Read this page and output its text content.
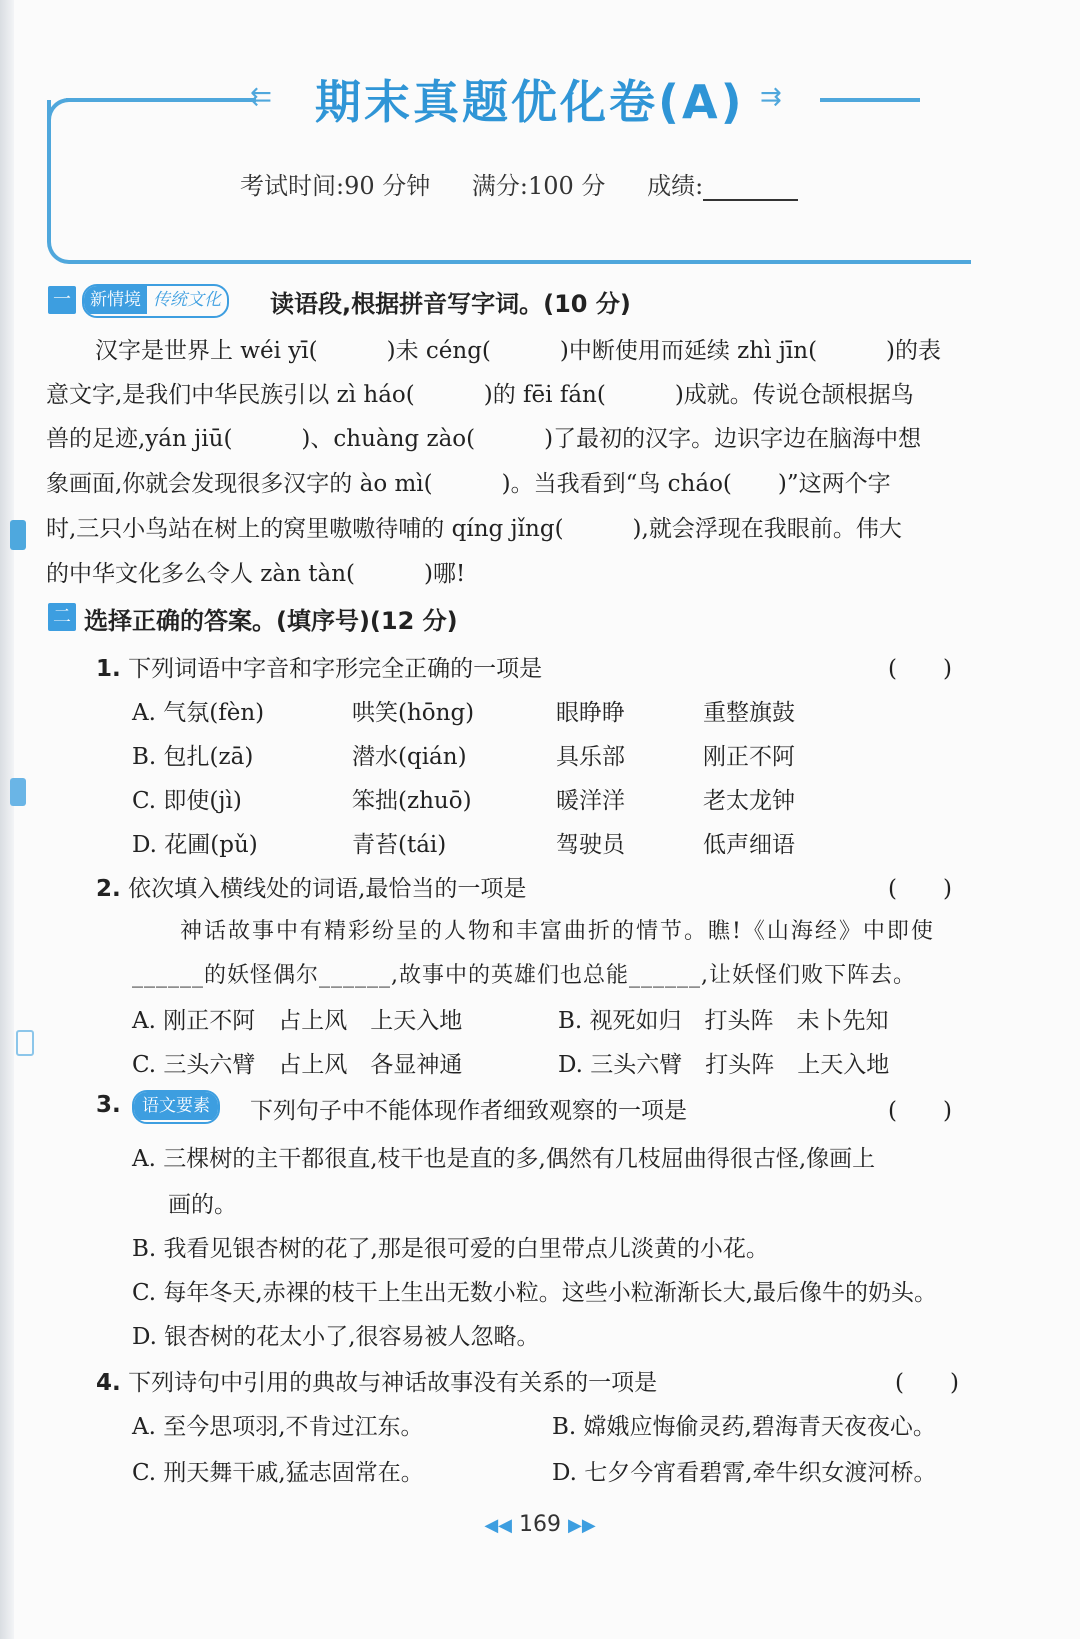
⇇	⇉
期末真题优化卷(A)
考试时间:90 分钟 满分:100 分 成绩:
一	新情境 传统文化	读语段,根据拼音写字词。(10 分)
汉字是世界上 wéi yī(　　　)未 céng(　　　)中断使用而延续 zhì jīn(　　　)的表
意文字,是我们中华民族引以 zì háo(　　　)的 fēi fán(　　　)成就。传说仓颉根据鸟
兽的足迹,yán jiū(　　　)、chuàng zào(　　　)了最初的汉字。边识字边在脑海中想
象画面,你就会发现很多汉字的 ào mì(　　　)。当我看到“鸟 cháo(　　)”这两个字
时,三只小鸟站在树上的窝里嗷嗷待哺的 qíng jǐng(　　　),就会浮现在我眼前。伟大
的中华文化多么令人 zàn tàn(　　　)哪!
二 选择正确的答案。(填序号)(12 分)
1. 下列词语中字音和字形完全正确的一项是	(　　)
A. 气氛(fèn)	哄笑(hōng)	眼睁睁	重整旗鼓
B. 包扎(zā)	潜水(qián)	具乐部	刚正不阿
C. 即使(jì)	笨拙(zhuō)	暖洋洋	老太龙钟
D. 花圃(pǔ)	青苔(tái)	驾驶员	低声细语
2. 依次填入横线处的词语,最恰当的一项是	(　　)
神话故事中有精彩纷呈的人物和丰富曲折的情节。瞧!《山海经》中即使
______的妖怪偶尔______,故事中的英雄们也总能______,让妖怪们败下阵去。
A. 刚正不阿　占上风　上天入地	B. 视死如归　打头阵　未卜先知
C. 三头六臂　占上风　各显神通	D. 三头六臂　打头阵　上天入地
3.	语文要素	下列句子中不能体现作者细致观察的一项是	(　　)
A. 三棵树的主干都很直,枝干也是直的多,偶然有几枝屈曲得很古怪,像画上
画的。
B. 我看见银杏树的花了,那是很可爱的白里带点儿淡黄的小花。
C. 每年冬天,赤裸的枝干上生出无数小粒。这些小粒渐渐长大,最后像牛的奶头。
D. 银杏树的花太小了,很容易被人忽略。
4. 下列诗句中引用的典故与神话故事没有关系的一项是	(　　)
A. 至今思项羽,不肯过江东。	B. 嫦娥应悔偷灵药,碧海青天夜夜心。
C. 刑天舞干戚,猛志固常在。	D. 七夕今宵看碧霄,牵牛织女渡河桥。
◀◀ 169 ▶▶
